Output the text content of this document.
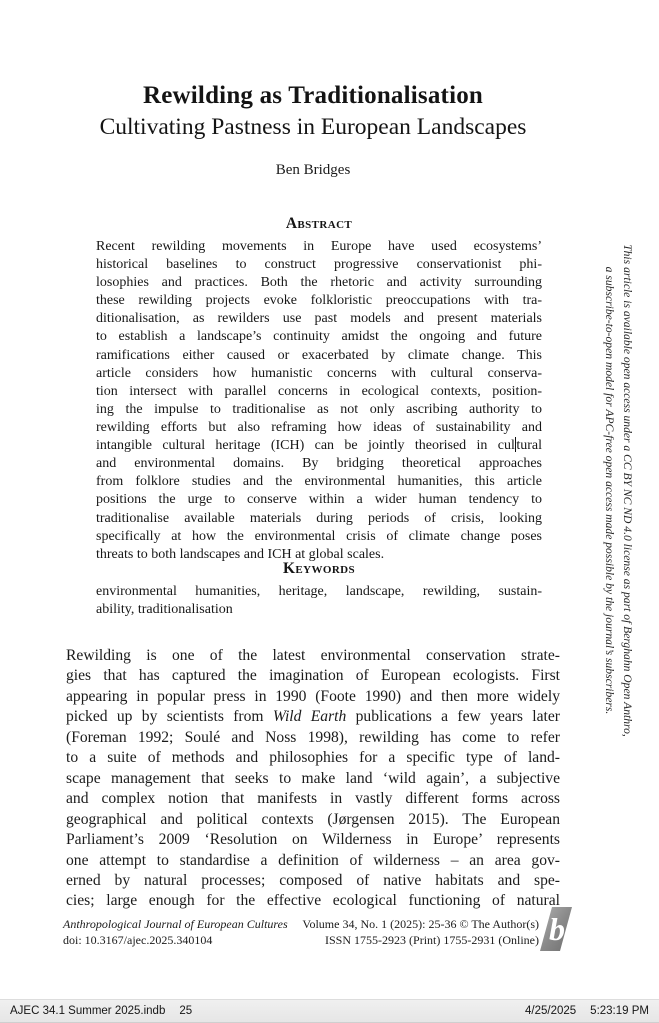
Rewilding as Traditionalisation
Cultivating Pastness in European Landscapes
Ben Bridges
Abstract
Recent rewilding movements in Europe have used ecosystems’
historical baselines to construct progressive conservationist phi-
losophies and practices. Both the rhetoric and activity surrounding
these rewilding projects evoke folkloristic preoccupations with tra-
ditionalisation, as rewilders use past models and present materials
to establish a landscape’s continuity amidst the ongoing and future
ramifications either caused or exacerbated by climate change. This
article considers how humanistic concerns with cultural conserva-
tion intersect with parallel concerns in ecological contexts, position-
ing the impulse to traditionalise as not only ascribing authority to
rewilding efforts but also reframing how ideas of sustainability and
intangible cultural heritage (ICH) can be jointly theorised in cul tural
and environmental domains. By bridging theoretical approaches
from folklore studies and the environmental humanities, this article
positions the urge to conserve within a wider human tendency to
traditionalise available materials during periods of crisis, looking
specifically at how the environmental crisis of climate change poses
threats to both landscapes and ICH at global scales.
Keywords
environmental humanities, heritage, landscape, rewilding, sustain-
ability, traditionalisation
Rewilding is one of the latest environmental conservation strate-
gies that has captured the imagination of European ecologists. First
appearing in popular press in 1990 (Foote 1990) and then more widely
picked up by scientists from Wild Earth publications a few years later
(Foreman 1992; Soulé and Noss 1998), rewilding has come to refer
to a suite of methods and philosophies for a specific type of land-
scape management that seeks to make land ‘wild again’, a subjective
and complex notion that manifests in vastly different forms across
geographical and political contexts (Jørgensen 2015). The European
Parliament’s 2009 ‘Resolution on Wilderness in Europe’ represents
one attempt to standardise a definition of wilderness – an area gov-
erned by natural processes; composed of native habitats and spe-
cies; large enough for the effective ecological functioning of natural
This article is available open access under a CC BY NC ND 4.0 license as part of Berghahn Open Anthro,
a subscribe-to-open model for APC-free open access made possible by the journal’s subscribers.
Anthropological Journal of European Cultures
doi: 10.3167/ajec.2025.340104
Volume 34, No. 1 (2025): 25-36 © The Author(s)
ISSN 1755-2923 (Print) 1755-2931 (Online) b
AJEC 34.1 Summer 2025.indb 25	4/25/2025 5:23:19 PM
